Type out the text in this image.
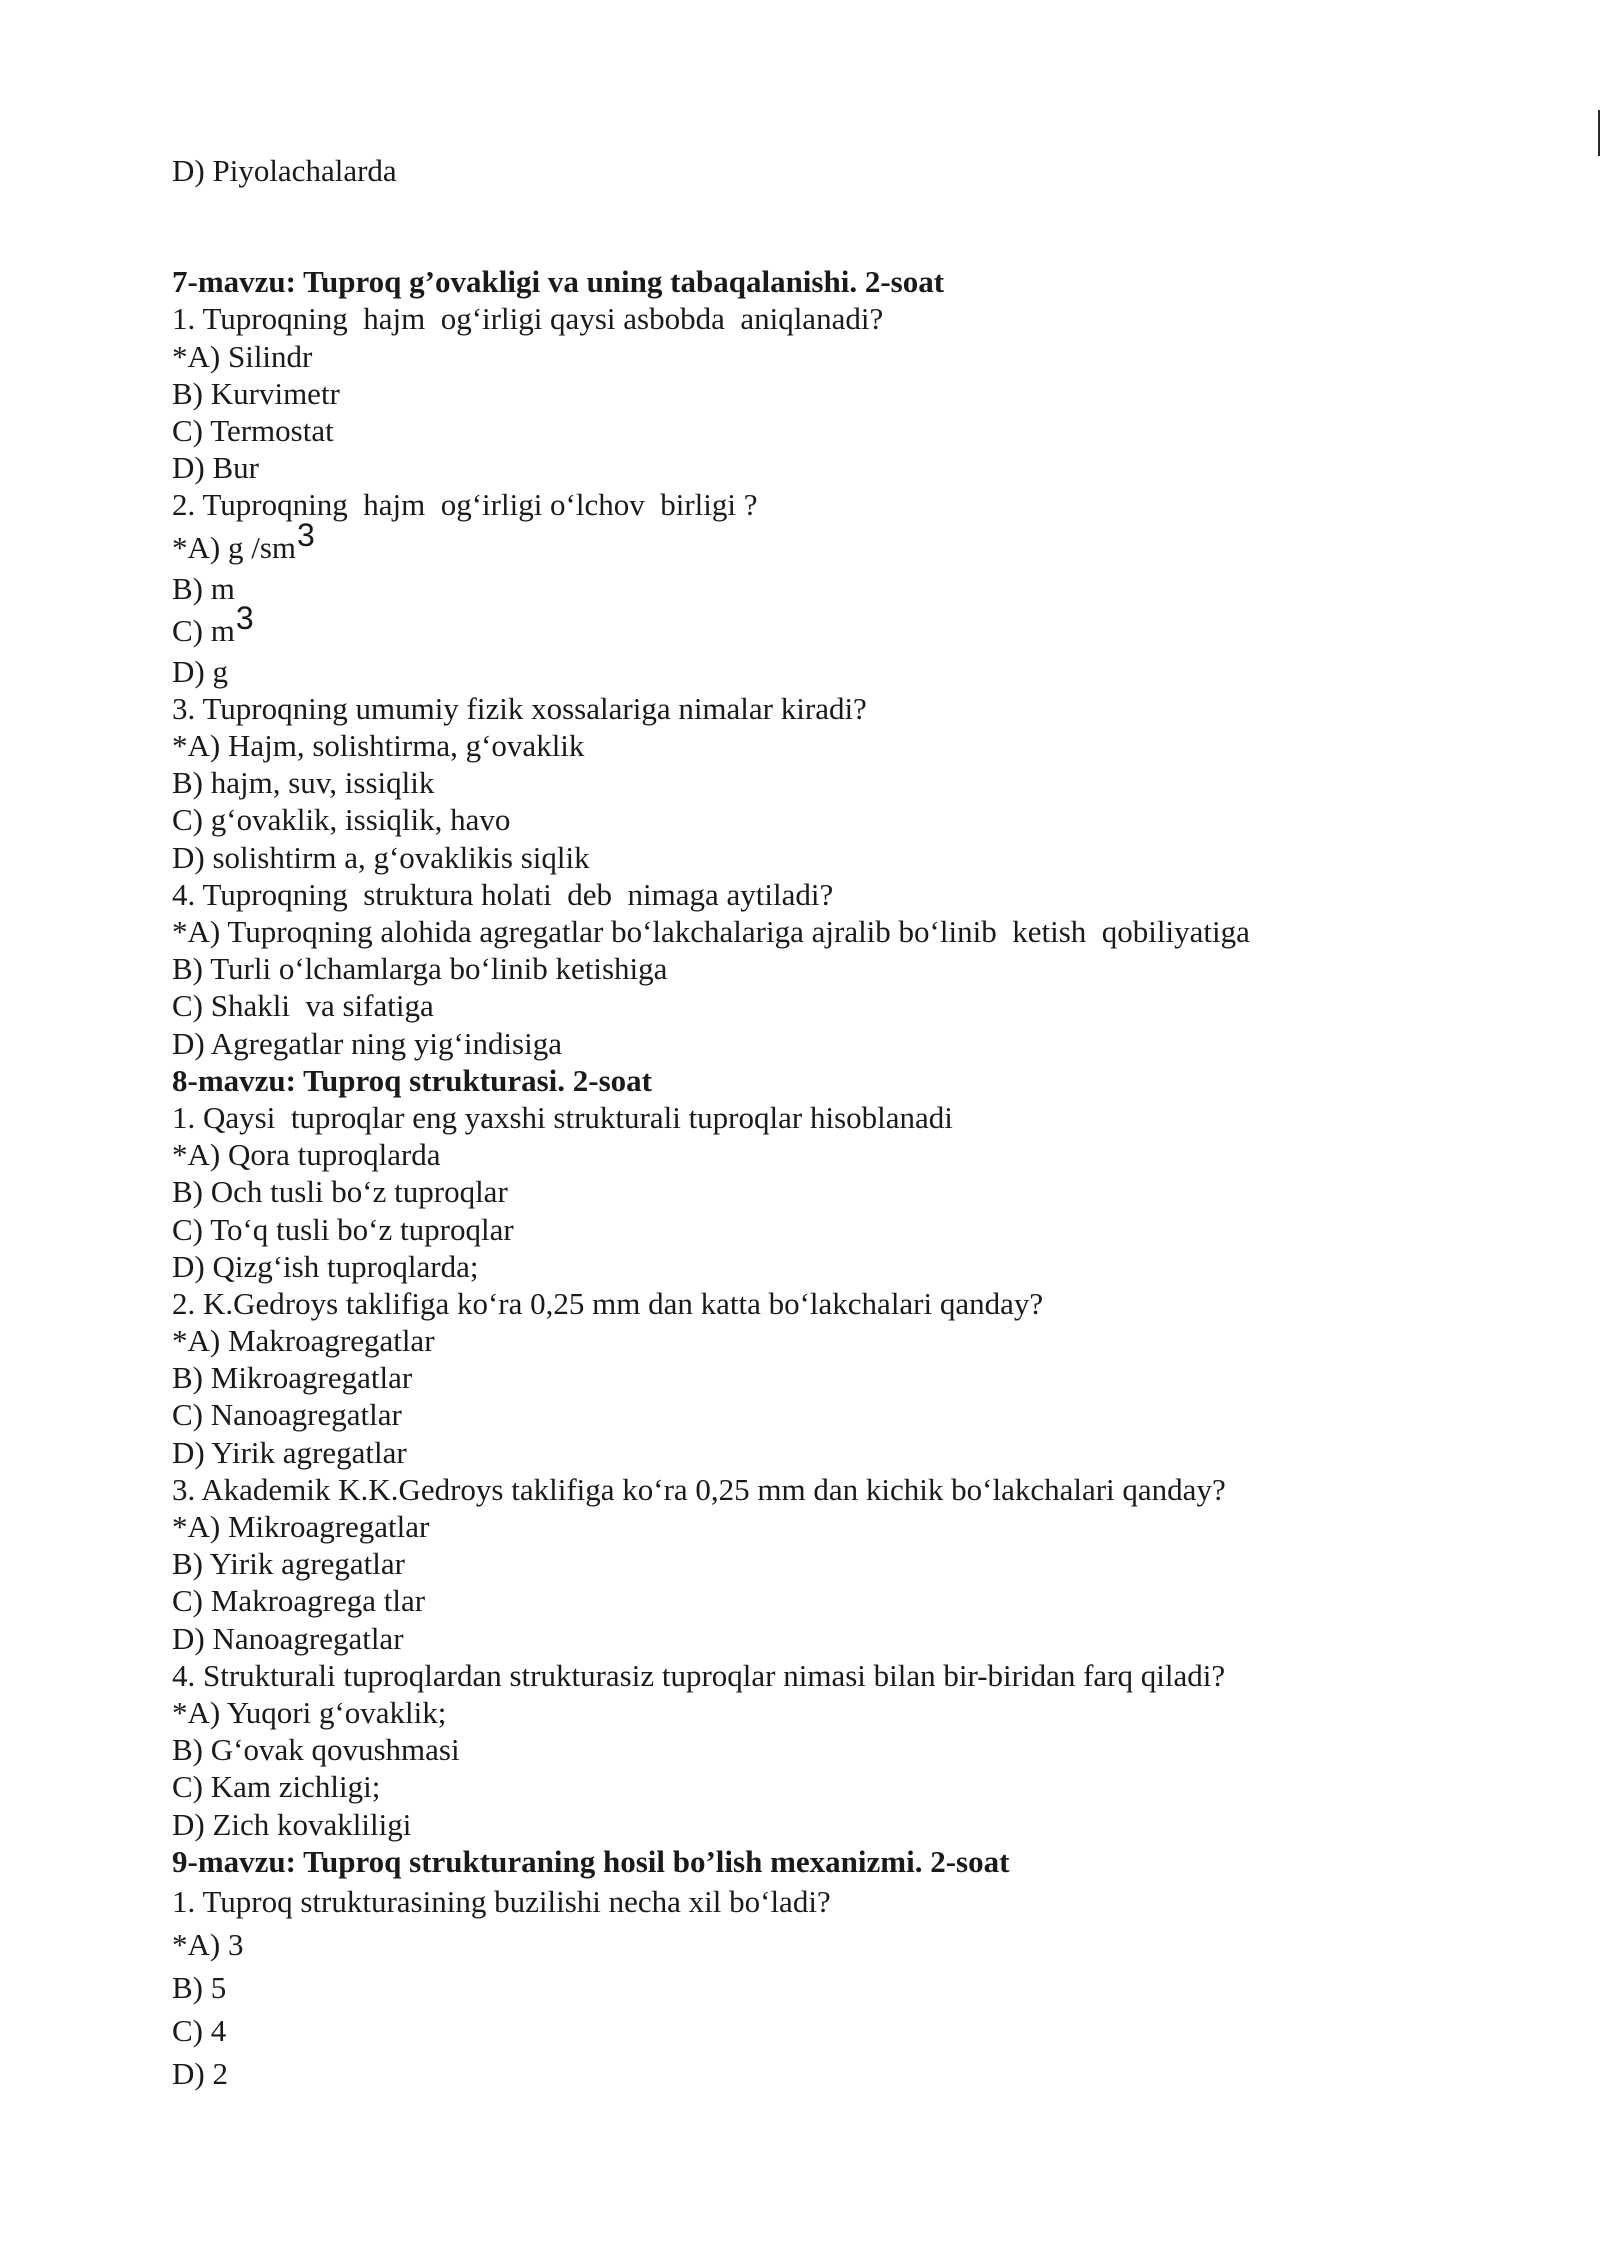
D) Piyolachalarda
7-mavzu: Tuproq g’ovakligi va uning tabaqalanishi. 2-soat
1. Tuproqning  hajm  og‘irligi qaysi asbobda  aniqlanadi?
*A) Silindr
B) Kurvimetr
C) Termostat
D) Bur
2. Tuproqning  hajm  og‘irligi o‘lchov  birligi ?
*A) g /sm3
B) m
C) m3
D) g
3. Tuproqning umumiy fizik xossalariga nimalar kiradi?
*A) Hajm, solishtirma, g‘ovaklik
B) hajm, suv, issiqlik
C) g‘ovaklik, issiqlik, havo
D) solishtirm a, g‘ovaklikis siqlik
4. Tuproqning  struktura holati  deb  nimaga aytiladi?
*A) Tuproqning alohida agregatlar bo‘lakchalariga ajralib bo‘linib  ketish  qobiliyatiga
B) Turli o‘lchamlarga bo‘linib ketishiga
C) Shakli  va sifatiga
D) Agregatlar ning yig‘indisiga
8-mavzu: Tuproq strukturasi. 2-soat
1. Qaysi  tuproqlar eng yaxshi strukturali tuproqlar hisoblanadi
*A) Qora tuproqlarda
B) Och tusli bo‘z tuproqlar
C) To‘q tusli bo‘z tuproqlar
D) Qizg‘ish tuproqlarda;
2. K.Gedroys taklifiga ko‘ra 0,25 mm dan katta bo‘lakchalari qanday?
*A) Makroagregatlar
B) Mikroagregatlar
C) Nanoagregatlar
D) Yirik agregatlar
3. Akademik K.K.Gedroys taklifiga ko‘ra 0,25 mm dan kichik bo‘lakchalari qanday?
*A) Mikroagregatlar
B) Yirik agregatlar
C) Makroagrega tlar
D) Nanoagregatlar
4. Strukturali tuproqlardan strukturasiz tuproqlar nimasi bilan bir-biridan farq qiladi?
*A) Yuqori g‘ovaklik;
B) G‘ovak qovushmasi
C) Kam zichligi;
D) Zich kovakliligi
9-mavzu: Tuproq strukturaning hosil bo’lish mexanizmi. 2-soat
1. Tuproq strukturasining buzilishi necha xil bo‘ladi?
*A) 3
B) 5
C) 4
D) 2
